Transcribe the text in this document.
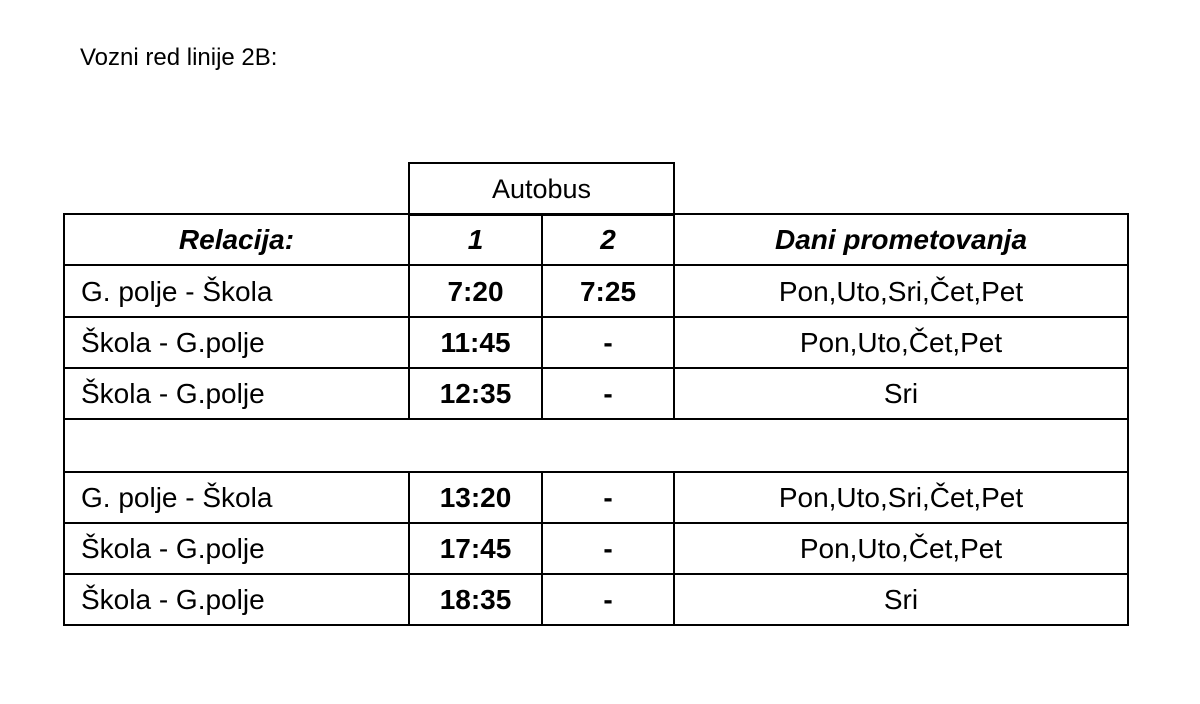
Vozni red linije 2B:
Autobus
Relacija:	1	2	Dani prometovanja
G. polje - Škola	7:20	7:25	Pon,Uto,Sri,Čet,Pet
Škola - G.polje	11:45	-	Pon,Uto,Čet,Pet
Škola - G.polje	12:35	-	Sri
G. polje - Škola	13:20	-	Pon,Uto,Sri,Čet,Pet
Škola - G.polje	17:45	-	Pon,Uto,Čet,Pet
Škola - G.polje	18:35	-	Sri
